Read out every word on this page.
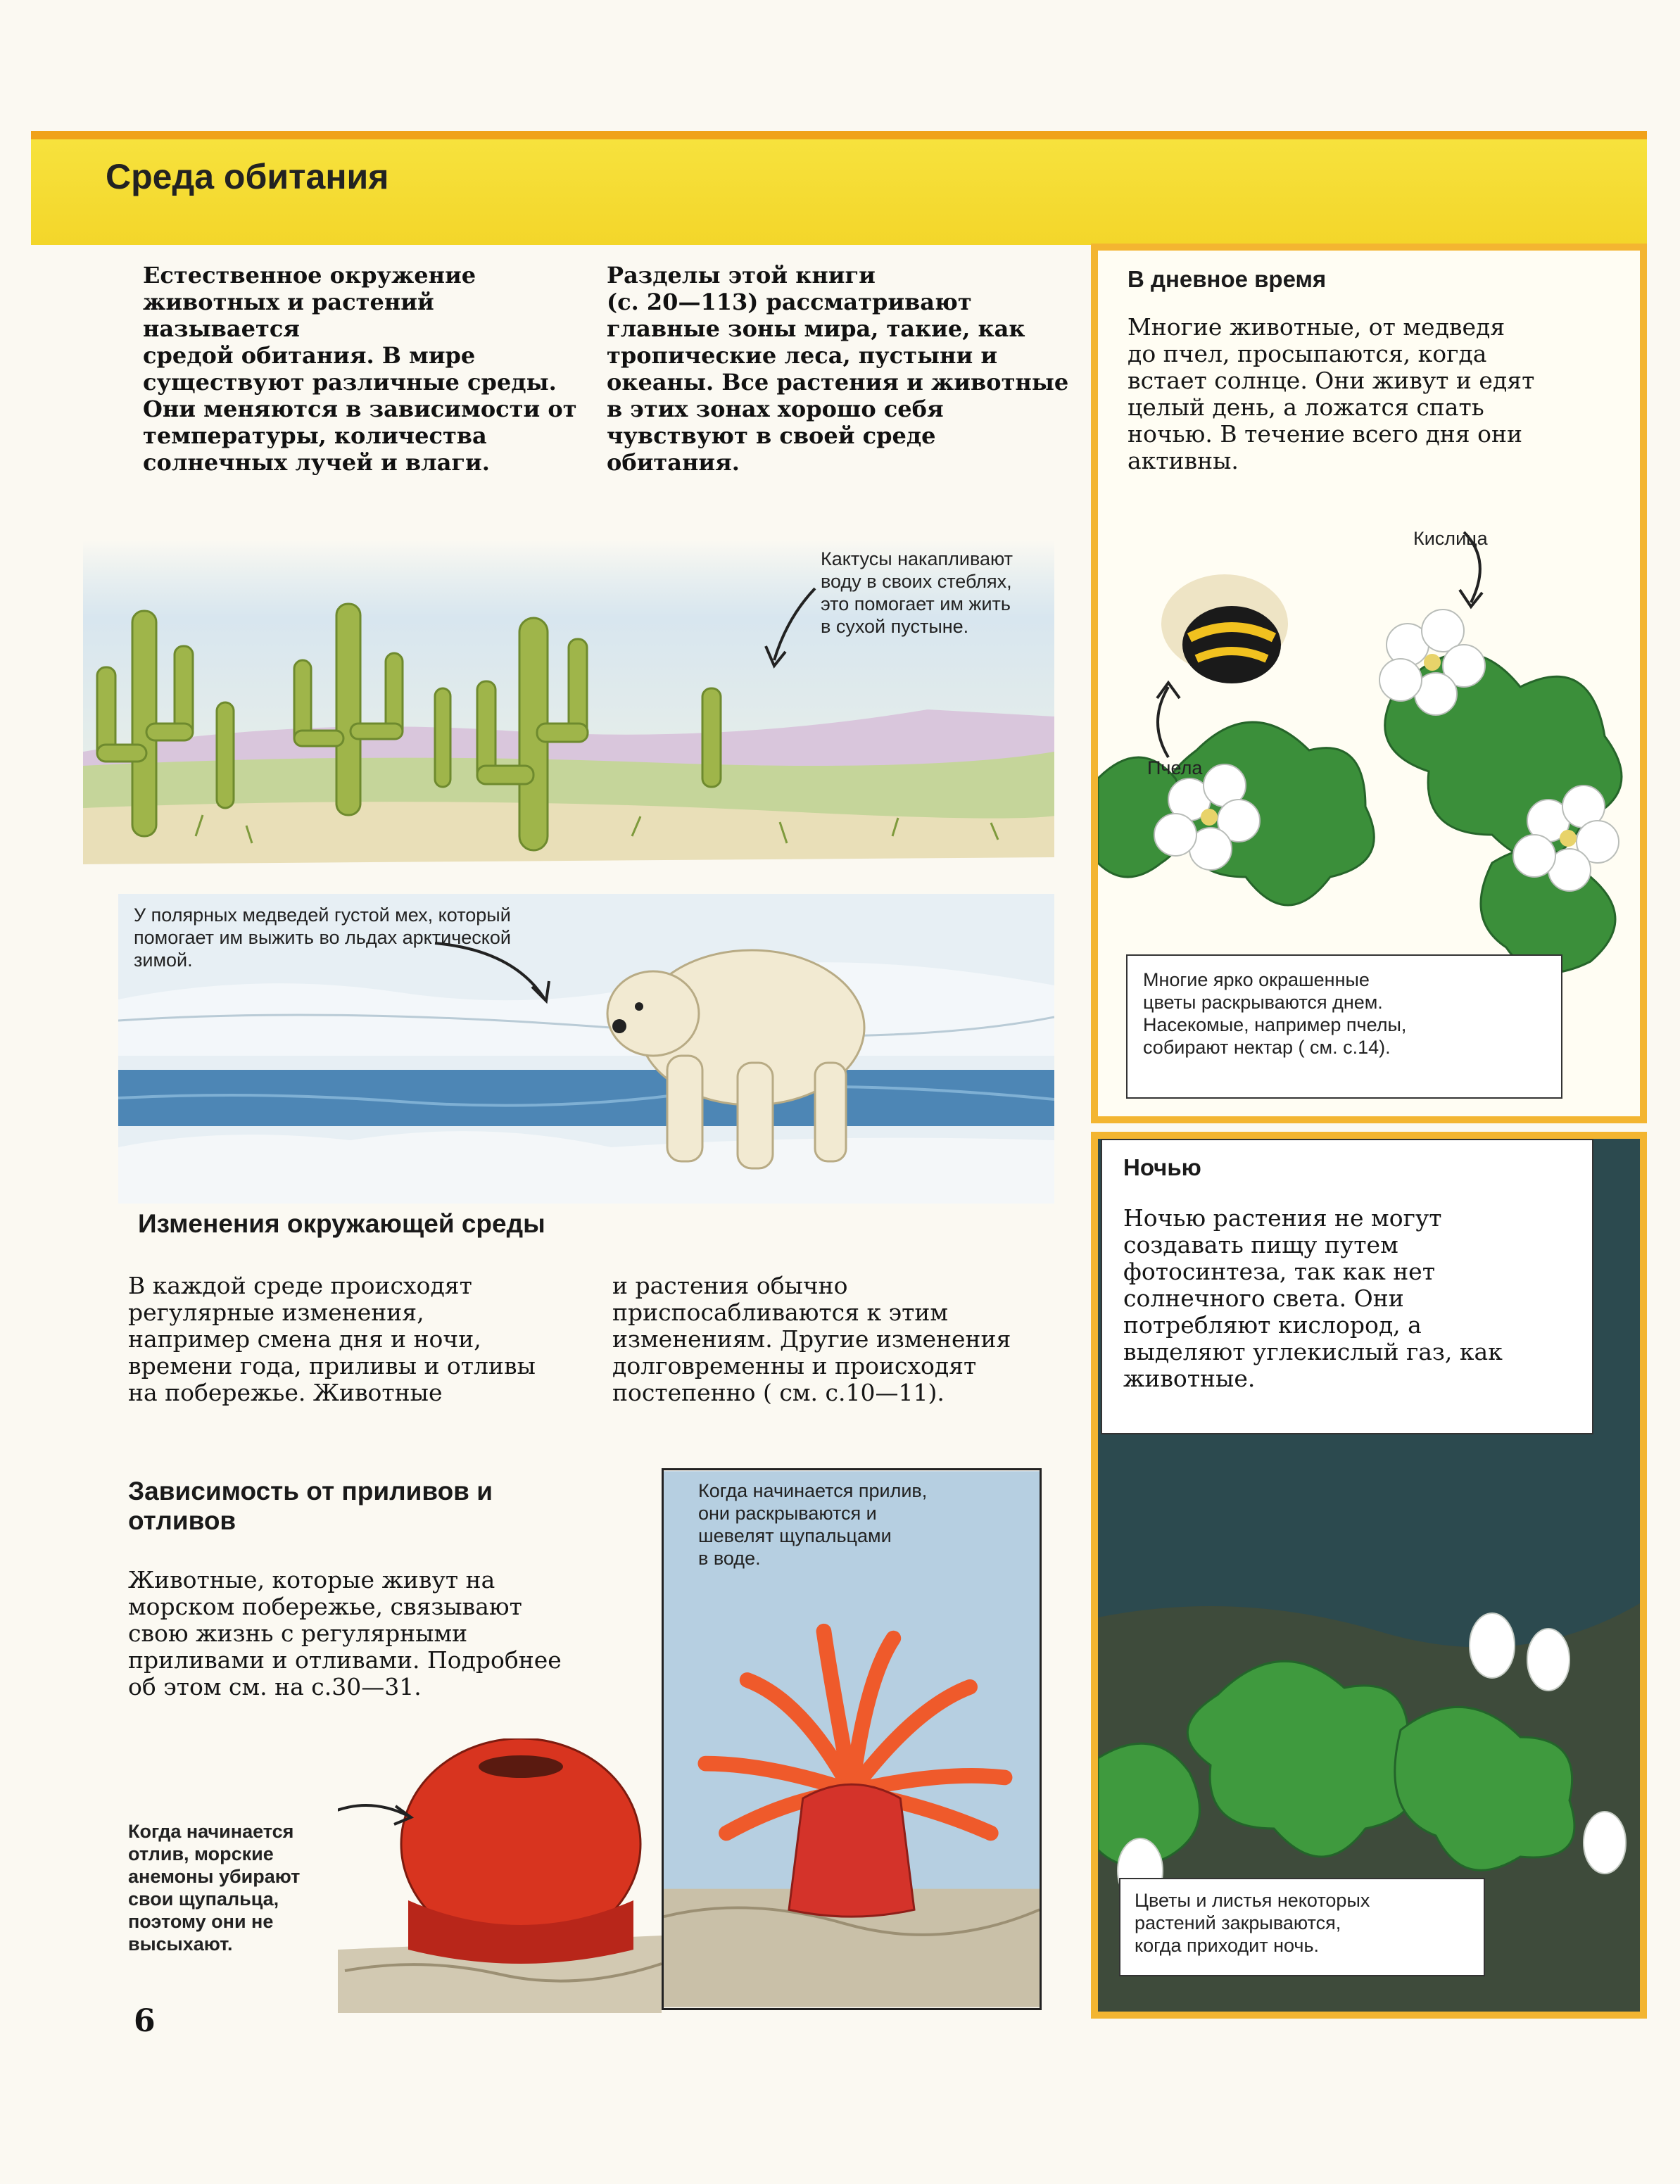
Среда обитания
Естественное окружение
животных и растений называется
средой обитания. В мире
существуют различные среды.
Они меняются в зависимости от
температуры, количества
солнечных лучей и влаги.
Разделы этой книги
(с. 20—113) рассматривают
главные зоны мира, такие, как
тропические леса, пустыни и
океаны. Все растения и животные
в этих зонах хорошо себя
чувствуют в своей среде обитания.
Кактусы накапливают
воду в своих стеблях,
это помогает им жить
в сухой пустыне.
У полярных медведей густой мех, который
помогает им выжить во льдах арктической
зимой.
Изменения окружающей среды
В каждой среде происходят
регулярные изменения,
например смена дня и ночи,
времени года, приливы и отливы
на побережье. Животные
и растения обычно
приспосабливаются к этим
изменениям. Другие изменения
долговременны и происходят
постепенно ( см. с.10—11).
Зависимость от приливов и
отливов
Животные, которые живут на
морском побережье, связывают
свою жизнь с регулярными
приливами и отливами. Подробнее
об этом см. на с.30—31.
Когда начинается прилив,
они раскрываются и
шевелят щупальцами
в воде.
Когда начинается
отлив, морские
анемоны убирают
свои щупальца,
поэтому они не
высыхают.
В дневное время
Многие животные, от медведя
до пчел, просыпаются, когда
встает солнце. Они живут и едят
целый день, а ложатся спать
ночью. В течение всего дня они
активны.
Кислица
Пчела
Многие ярко окрашенные
цветы раскрываются днем.
Насекомые, например пчелы,
собирают нектар ( см. с.14).
Ночью
Ночью растения не могут
создавать пищу путем
фотосинтеза, так как нет
солнечного света. Они
потребляют кислород, а
выделяют углекислый газ, как
животные.
Цветы и листья некоторых
растений закрываются,
когда приходит ночь.
6
